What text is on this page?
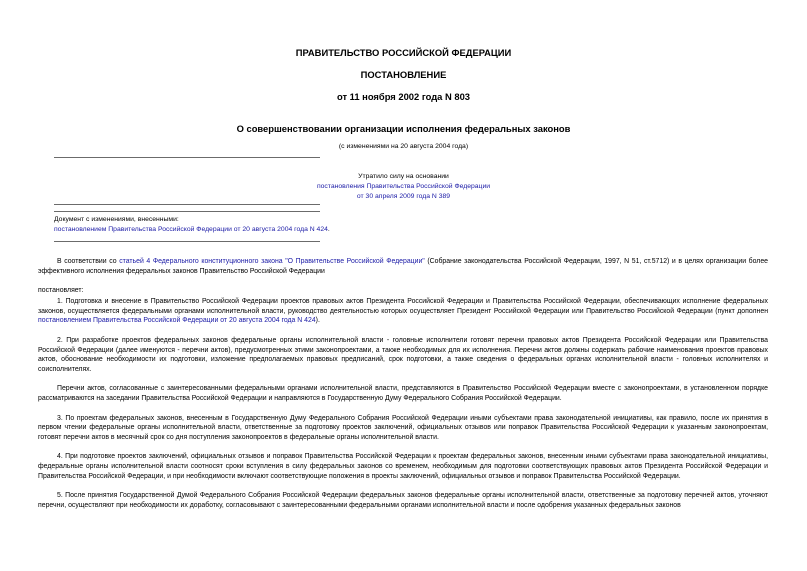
ПРАВИТЕЛЬСТВО РОССИЙСКОЙ ФЕДЕРАЦИИ
ПОСТАНОВЛЕНИЕ
от 11 ноября 2002 года N 803
О совершенствовании организации исполнения федеральных законов
(с изменениями на 20 августа 2004 года)
Утратило силу на основании
постановления Правительства Российской Федерации
от 30 апреля 2009 года N 389
Документ с изменениями, внесенными:
постановлением Правительства Российской Федерации от 20 августа 2004 года N 424.

В соответствии со статьей 4 Федерального конституционного закона "О Правительстве Российской Федерации" (Собрание законодательства Российской Федерации, 1997, N 51, ст.5712) и в целях организации более эффективного исполнения федеральных законов Правительство Российской Федерации

постановляет:

1. Подготовка и внесение в Правительство Российской Федерации проектов правовых актов Президента Российской Федерации и Правительства Российской Федерации, обеспечивающих исполнение федеральных законов, осуществляется федеральными органами исполнительной власти, руководство деятельностью которых осуществляет Президент Российской Федерации или Правительство Российской Федерации (пункт дополнен постановлением Правительства Российской Федерации от 20 августа 2004 года N 424).

2. При разработке проектов федеральных законов федеральные органы исполнительной власти - головные исполнители готовят перечни правовых актов Президента Российской Федерации или Правительства Российской Федерации (далее именуются - перечни актов), предусмотренных этими законопроектами, а также необходимых для их исполнения. Перечни актов должны содержать рабочие наименования проектов правовых актов, обоснование необходимости их подготовки, изложение предполагаемых правовых предписаний, срок подготовки, а также сведения о федеральных органах исполнительной власти - головных исполнителях и соисполнителях.

Перечни актов, согласованные с заинтересованными федеральными органами исполнительной власти, представляются в Правительство Российской Федерации вместе с законопроектами, в установленном порядке рассматриваются на заседании Правительства Российской Федерации и направляются в Государственную Думу Федерального Собрания Российской Федерации.

3. По проектам федеральных законов, внесенным в Государственную Думу Федерального Собрания Российской Федерации иными субъектами права законодательной инициативы, как правило, после их принятия в первом чтении федеральные органы исполнительной власти, ответственные за подготовку проектов заключений, официальных отзывов или поправок Правительства Российской Федерации к указанным законопроектам, готовят перечни актов в месячный срок со дня поступления законопроектов в федеральные органы исполнительной власти.

4. При подготовке проектов заключений, официальных отзывов и поправок Правительства Российской Федерации к проектам федеральных законов, внесенным иными субъектами права законодательной инициативы, федеральные органы исполнительной власти соотносят сроки вступления в силу федеральных законов со временем, необходимым для подготовки соответствующих правовых актов Президента Российской Федерации и Правительства Российской Федерации, и при необходимости включают соответствующие положения в проекты заключений, официальных отзывов и поправок Правительства Российской Федерации.

5. После принятия Государственной Думой Федерального Собрания Российской Федерации федеральных законов федеральные органы исполнительной власти, ответственные за подготовку перечней актов, уточняют перечни, осуществляют при необходимости их доработку, согласовывают с заинтересованными федеральными органами исполнительной власти и после одобрения указанных федеральных законов
